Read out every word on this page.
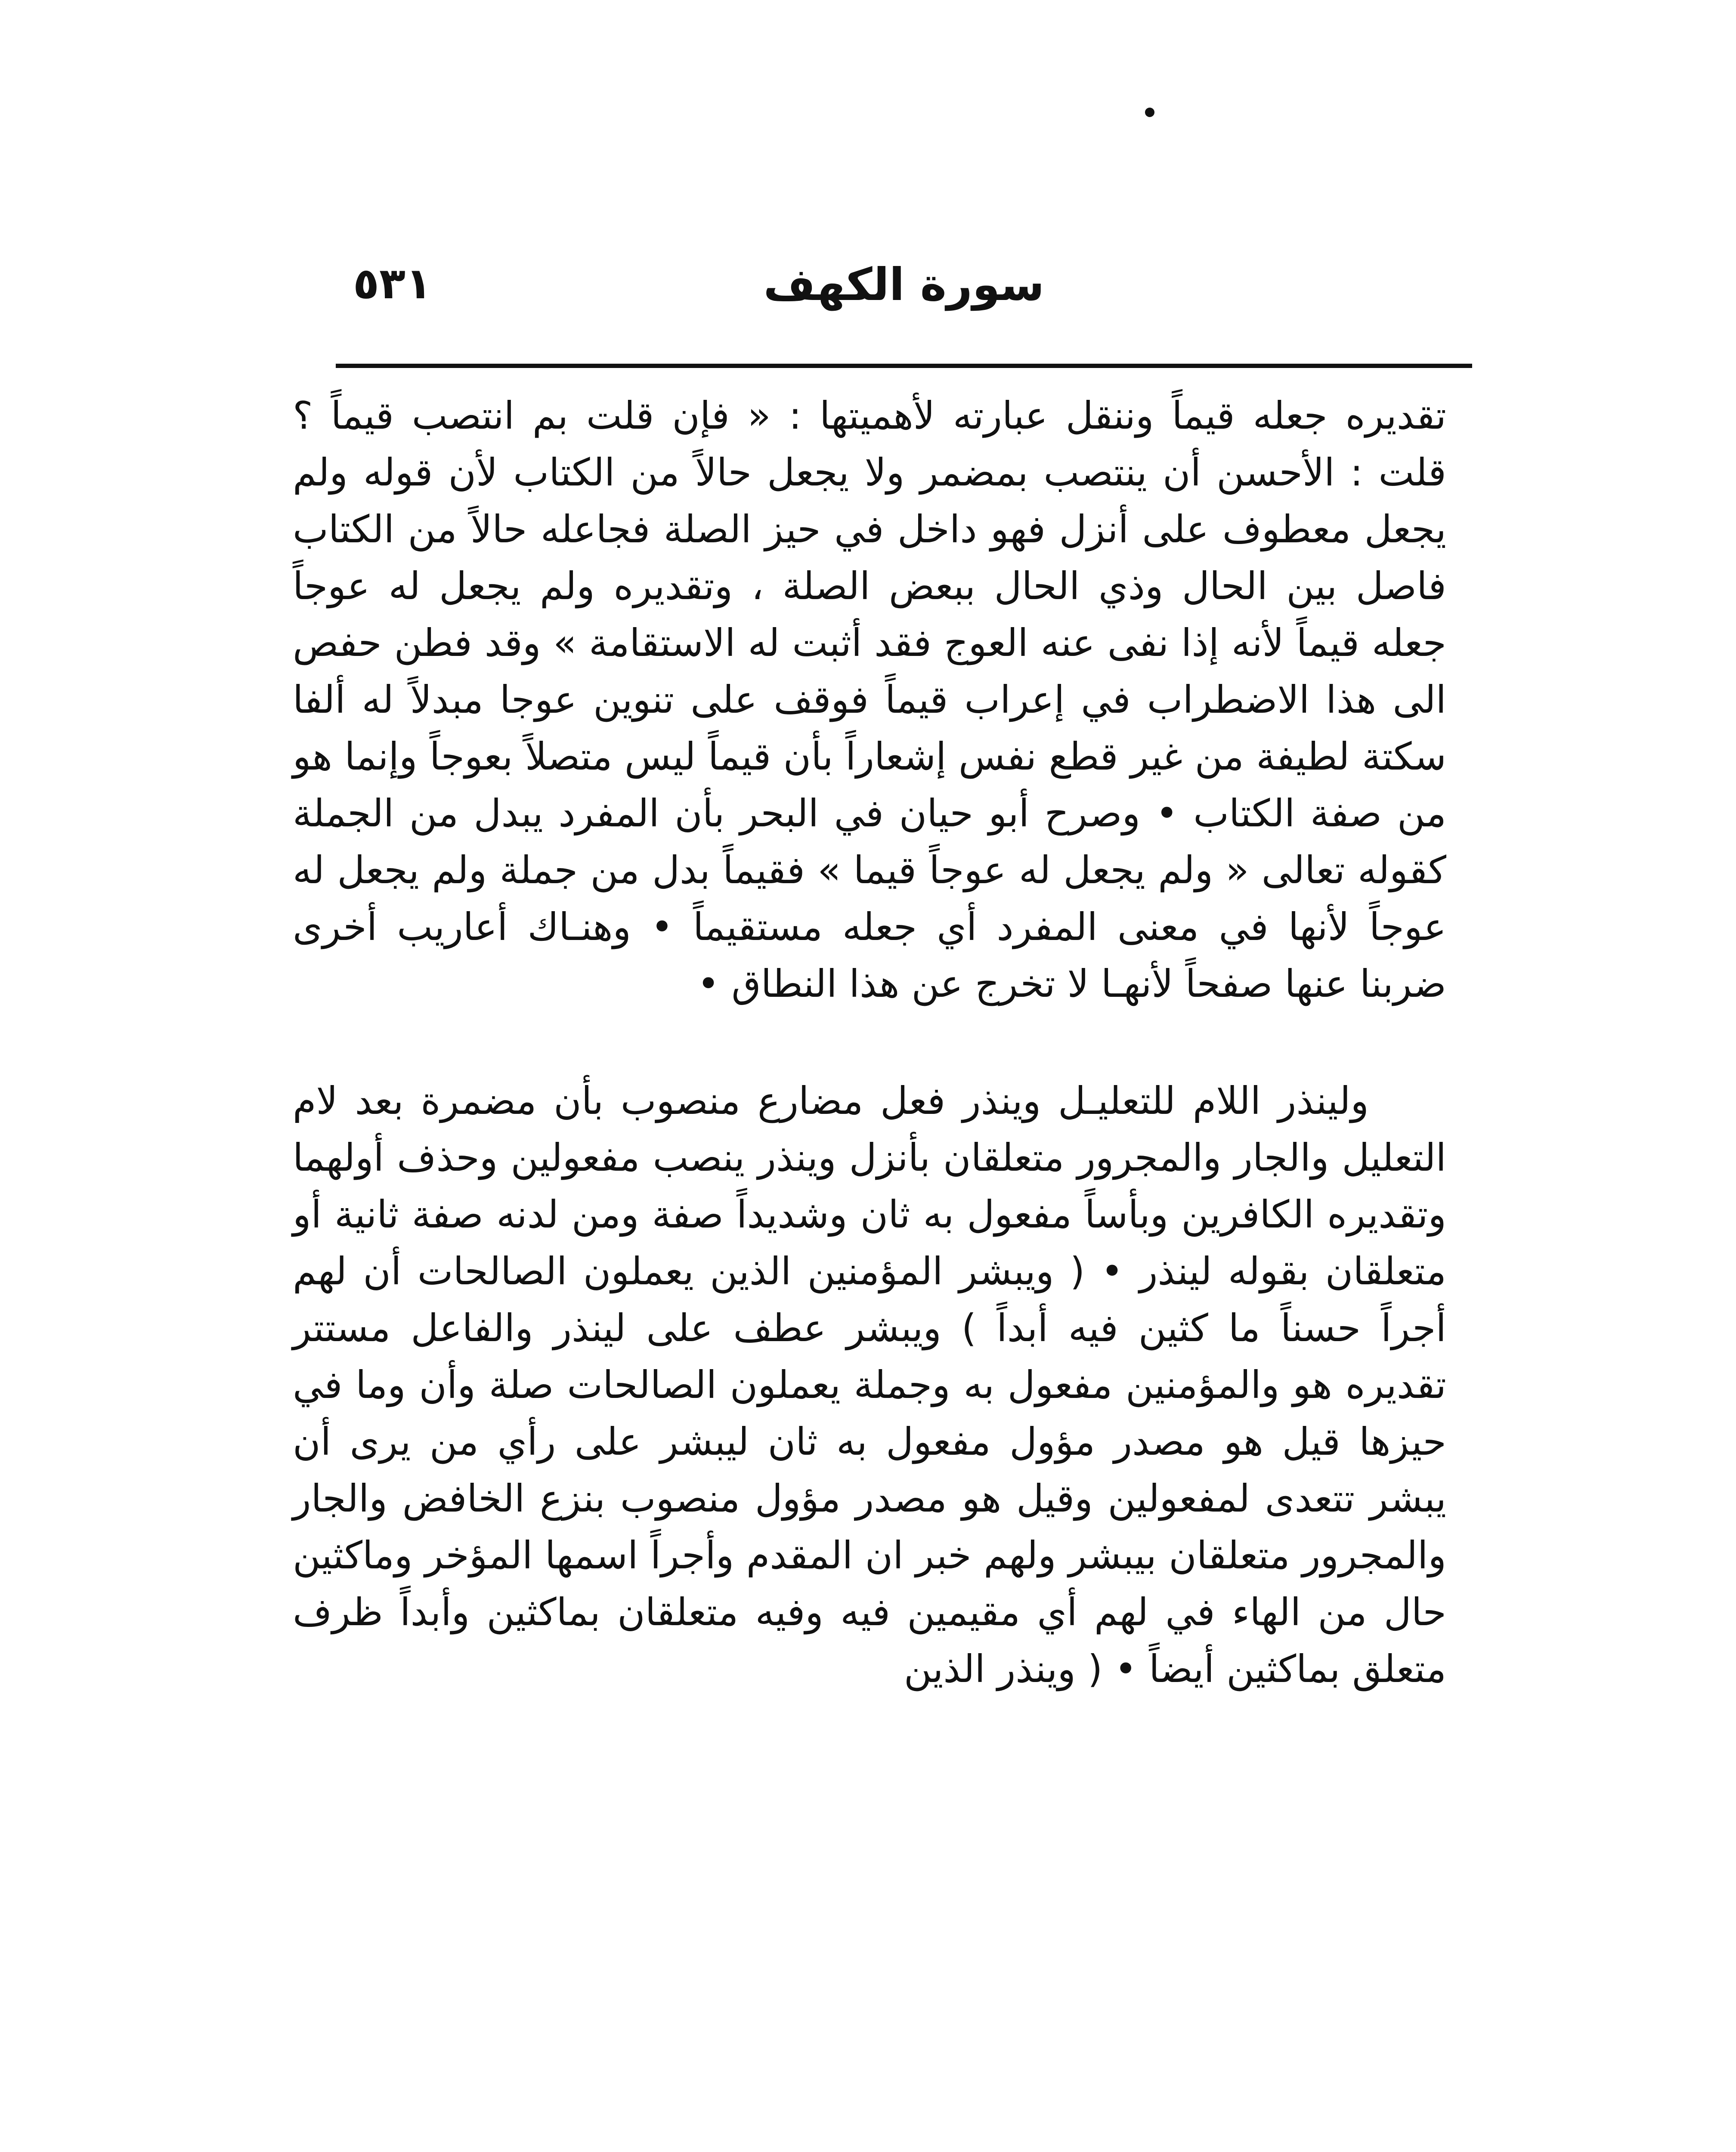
سورة الكهف
٥٣١

تقديره جعله قيماً وننقل عبارته لأهميتها : « فإن قلت بم انتصب قيماً ؟ قلت : الأحسن أن ينتصب بمضمر ولا يجعل حالاً من الكتاب لأن قوله ولم يجعل معطوف على أنزل فهو داخل في حيز الصلة فجاعله حالاً من الكتاب فاصل بين الحال وذي الحال ببعض الصلة ، وتقديره ولم يجعل له عوجاً جعله قيماً لأنه إذا نفى عنه العوج فقد أثبت له الاستقامة » وقد فطن حفص الى هذا الاضطراب في إعراب قيماً فوقف على تنوين عوجا مبدلاً له ألفا سكتة لطيفة من غير قطع نفس إشعاراً بأن قيماً ليس متصلاً بعوجاً وإنما هو من صفة الكتاب • وصرح أبو حيان في البحر بأن المفرد يبدل من الجملة كقوله تعالى « ولم يجعل له عوجاً قيما » فقيماً بدل من جملة ولم يجعل له عوجاً لأنها في معنى المفرد أي جعله مستقيماً • وهنـاك أعاريب أخرى ضربنا عنها صفحاً لأنهـا لا تخرج عن هذا النطاق •

ولينذر اللام للتعليـل وينذر فعل مضارع منصوب بأن مضمرة بعد لام التعليل والجار والمجرور متعلقان بأنزل وينذر ينصب مفعولين وحذف أولهما وتقديره الكافرين وبأساً مفعول به ثان وشديداً صفة ومن لدنه صفة ثانية أو متعلقان بقوله لينذر • ( ويبشر المؤمنين الذين يعملون الصالحات أن لهم أجراً حسناً ما كثين فيه أبداً ) ويبشر عطف على لينذر والفاعل مستتر تقديره هو والمؤمنين مفعول به وجملة يعملون الصالحات صلة وأن وما في حيزها قيل هو مصدر مؤول مفعول به ثان ليبشر على رأي من يرى أن يبشر تتعدى لمفعولين وقيل هو مصدر مؤول منصوب بنزع الخافض والجار والمجرور متعلقان بيبشر ولهم خبر ان المقدم وأجراً اسمها المؤخر وماكثين حال من الهاء في لهم أي مقيمين فيه وفيه متعلقان بماكثين وأبداً ظرف متعلق بماكثين أيضاً • ( وينذر الذين
